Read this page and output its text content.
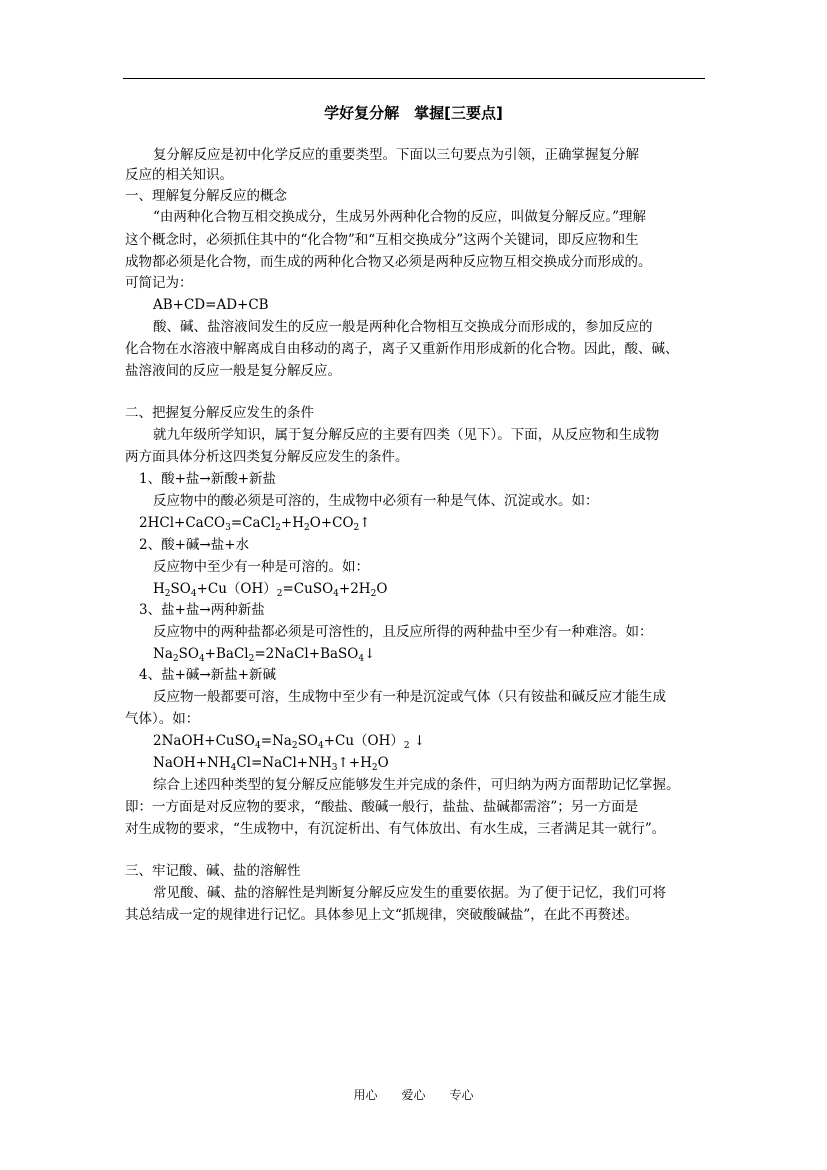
学好复分解　掌握[三要点]
复分解反应是初中化学反应的重要类型。下面以三句要点为引领，正确掌握复分解
反应的相关知识。
一、理解复分解反应的概念
“由两种化合物互相交换成分，生成另外两种化合物的反应，叫做复分解反应。”理解
这个概念时，必须抓住其中的“化合物”和“互相交换成分”这两个关键词，即反应物和生
成物都必须是化合物，而生成的两种化合物又必须是两种反应物互相交换成分而形成的。
可简记为：
AB+CD=AD+CB
酸、碱、盐溶液间发生的反应一般是两种化合物相互交换成分而形成的，参加反应的
化合物在水溶液中解离成自由移动的离子，离子又重新作用形成新的化合物。因此，酸、碱、
盐溶液间的反应一般是复分解反应。
二、把握复分解反应发生的条件
就九年级所学知识，属于复分解反应的主要有四类（见下）。下面，从反应物和生成物
两方面具体分析这四类复分解反应发生的条件。
1、酸+盐→新酸+新盐
反应物中的酸必须是可溶的，生成物中必须有一种是气体、沉淀或水。如：
$2HCl+CaCO_3=CaCl_2+H_2O+CO_2↑$
2、酸+碱→盐+水
反应物中至少有一种是可溶的。如：
$H_2SO_4+Cu(OH)_2=CuSO_4+2H_2O$
3、盐+盐→两种新盐
反应物中的两种盐都必须是可溶性的，且反应所得的两种盐中至少有一种难溶。如：
$Na_2SO_4+BaCl_2=2NaCl+BaSO_4↓$
4、盐+碱→新盐+新碱
反应物一般都要可溶，生成物中至少有一种是沉淀或气体（只有铵盐和碱反应才能生成
气体）。如：
$2NaOH+CuSO_4=Na_2SO_4+Cu(OH)_2$ ↓
$NaOH+NH_4Cl=NaCl+NH_3↑+H_2O$
综合上述四种类型的复分解反应能够发生并完成的条件，可归纳为两方面帮助记忆掌握。
即：一方面是对反应物的要求，“酸盐、酸碱一般行，盐盐、盐碱都需溶”；另一方面是
对生成物的要求，“生成物中，有沉淀析出、有气体放出、有水生成，三者满足其一就行”。
三、牢记酸、碱、盐的溶解性
常见酸、碱、盐的溶解性是判断复分解反应发生的重要依据。为了便于记忆，我们可将
其总结成一定的规律进行记忆。具体参见上文“抓规律，突破酸碱盐”，在此不再赘述。
用心　　爱心　　专心
